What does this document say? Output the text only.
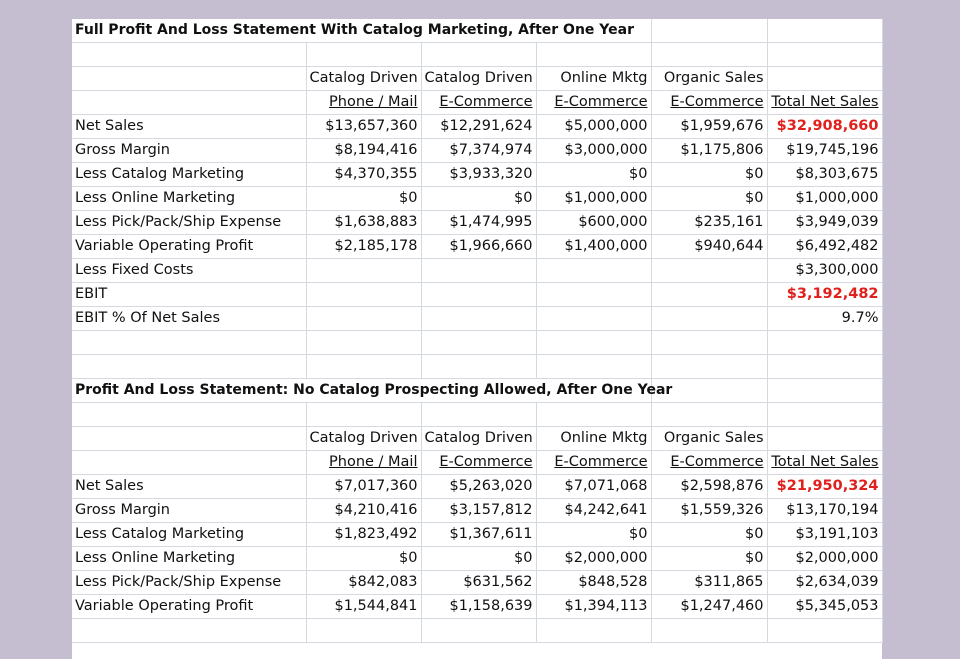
Full Profit And Loss Statement With Catalog Marketing, After One Year					

	Catalog Driven	Catalog Driven	Online Mktg	Organic Sales	
	Phone / Mail	E-Commerce	E-Commerce	E-Commerce	Total Net Sales
Net Sales	$13,657,360	$12,291,624	$5,000,000	$1,959,676	$32,908,660
Gross Margin	$8,194,416	$7,374,974	$3,000,000	$1,175,806	$19,745,196
Less Catalog Marketing	$4,370,355	$3,933,320	$0	$0	$8,303,675
Less Online Marketing	$0	$0	$1,000,000	$0	$1,000,000
Less Pick/Pack/Ship Expense	$1,638,883	$1,474,995	$600,000	$235,161	$3,949,039
Variable Operating Profit	$2,185,178	$1,966,660	$1,400,000	$940,644	$6,492,482
Less Fixed Costs					$3,300,000
EBIT					$3,192,482
EBIT % Of Net Sales					9.7%

Profit And Loss Statement: No Catalog Prospecting Allowed, After One Year					

	Catalog Driven	Catalog Driven	Online Mktg	Organic Sales	
	Phone / Mail	E-Commerce	E-Commerce	E-Commerce	Total Net Sales
Net Sales	$7,017,360	$5,263,020	$7,071,068	$2,598,876	$21,950,324
Gross Margin	$4,210,416	$3,157,812	$4,242,641	$1,559,326	$13,170,194
Less Catalog Marketing	$1,823,492	$1,367,611	$0	$0	$3,191,103
Less Online Marketing	$0	$0	$2,000,000	$0	$2,000,000
Less Pick/Pack/Ship Expense	$842,083	$631,562	$848,528	$311,865	$2,634,039
Variable Operating Profit	$1,544,841	$1,158,639	$1,394,113	$1,247,460	$5,345,053
